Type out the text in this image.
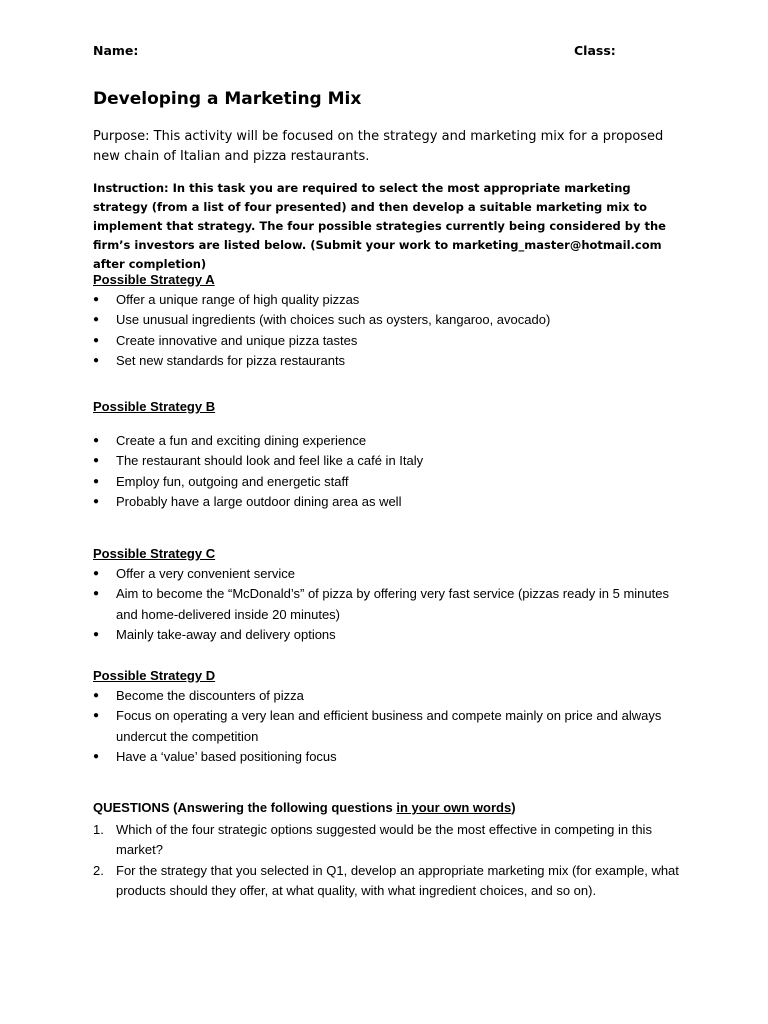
Name:	Class:
Developing a Marketing Mix
Purpose: This activity will be focused on the strategy and marketing mix for a proposed new chain of Italian and pizza restaurants.
Instruction: In this task you are required to select the most appropriate marketing strategy (from a list of four presented) and then develop a suitable marketing mix to implement that strategy. The four possible strategies currently being considered by the firm’s investors are listed below. (Submit your work to marketing_master@hotmail.com after completion)
Possible Strategy A
● Offer a unique range of high quality pizzas
● Use unusual ingredients (with choices such as oysters, kangaroo, avocado)
● Create innovative and unique pizza tastes
● Set new standards for pizza restaurants
Possible Strategy B
● Create a fun and exciting dining experience
● The restaurant should look and feel like a café in Italy
● Employ fun, outgoing and energetic staff
● Probably have a large outdoor dining area as well
Possible Strategy C
● Offer a very convenient service
● Aim to become the “McDonald’s” of pizza by offering very fast service (pizzas ready in 5 minutes and home-delivered inside 20 minutes)
● Mainly take-away and delivery options
Possible Strategy D
● Become the discounters of pizza
● Focus on operating a very lean and efficient business and compete mainly on price and always undercut the competition
● Have a ‘value’ based positioning focus
QUESTIONS (Answering the following questions in your own words)
1. Which of the four strategic options suggested would be the most effective in competing in this market?
2. For the strategy that you selected in Q1, develop an appropriate marketing mix (for example, what products should they offer, at what quality, with what ingredient choices, and so on).
